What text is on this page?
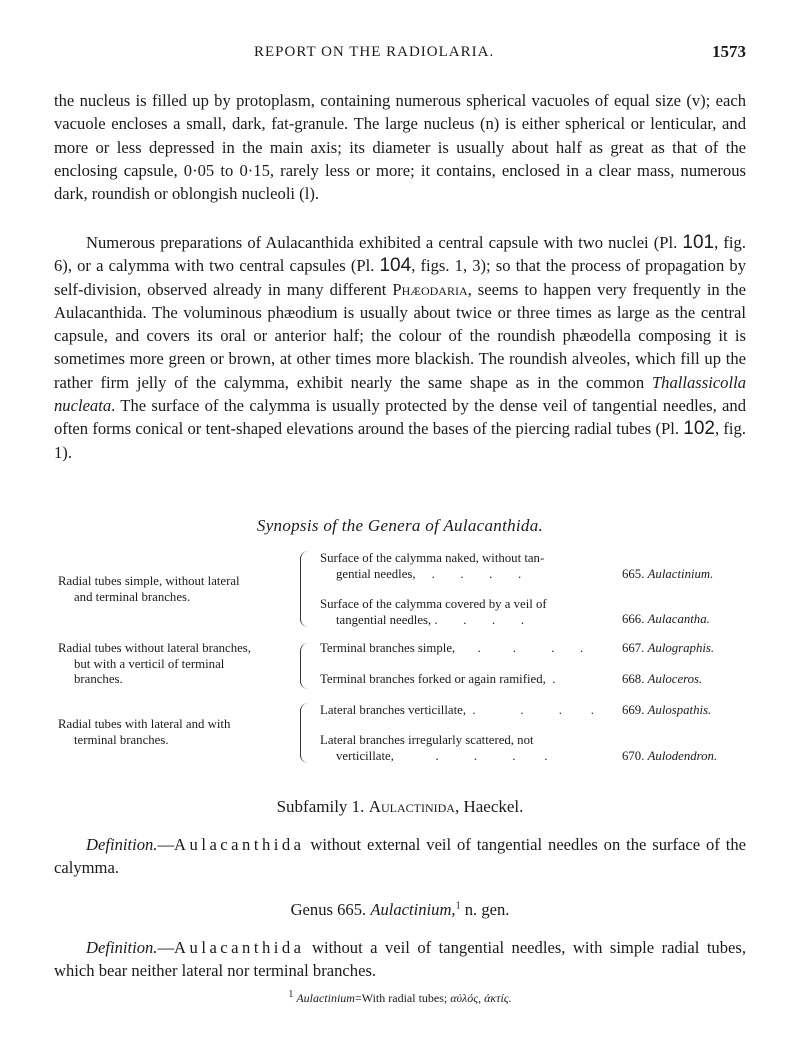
REPORT ON THE RADIOLARIA.	1573

the nucleus is filled up by protoplasm, containing numerous spherical vacuoles of equal size (v); each vacuole encloses a small, dark, fat-granule. The large nucleus (n) is either spherical or lenticular, and more or less depressed in the main axis; its diameter is usually about half as great as that of the enclosing capsule, 0·05 to 0·15, rarely less or more; it contains, enclosed in a clear mass, numerous dark, roundish or oblongish nucleoli (l).

Numerous preparations of Aulacanthida exhibited a central capsule with two nuclei (Pl. 101, fig. 6), or a calymma with two central capsules (Pl. 104, figs. 1, 3); so that the process of propagation by self-division, observed already in many different Phæodaria, seems to happen very frequently in the Aulacanthida. The voluminous phæodium is usually about twice or three times as large as the central capsule, and covers its oral or anterior half; the colour of the roundish phæodella composing it is sometimes more green or brown, at other times more blackish. The roundish alveoles, which fill up the rather firm jelly of the calymma, exhibit nearly the same shape as in the common Thallassicolla nucleata. The surface of the calymma is usually protected by the dense veil of tangential needles, and often forms conical or tent-shaped elevations around the bases of the piercing radial tubes (Pl. 102, fig. 1).

Synopsis of the Genera of Aulacanthida.
Radial tubes simple, without lateral
and terminal branches.
Surface of the calymma naked, without tan-
gential needles,     .        .        .        .	665. Aulactinium.
Surface of the calymma covered by a veil of
tangential needles, .        .        .        .	666. Aulacantha.
Radial tubes without lateral branches,
but with a verticil of terminal
branches.
Terminal branches simple,       .          .           .        .	667. Aulographis.
Terminal branches forked or again ramified,  .	668. Auloceros.
Radial tubes with lateral and with
terminal branches.
Lateral branches verticillate,  .              .           .         .	669. Aulospathis.
Lateral branches irregularly scattered, not
verticillate,             .           .           .         .	670. Aulodendron.
Subfamily 1. Aulactinida, Haeckel.

Definition.—Aulacanthida without external veil of tangential needles on the surface of the calymma.

Genus 665. Aulactinium,$^1$ n. gen.

Definition.—Aulacanthida without a veil of tangential needles, with simple radial tubes, which bear neither lateral nor terminal branches.

$^1$ Aulactinium=With radial tubes; αὐλός, ἀκτίς.
